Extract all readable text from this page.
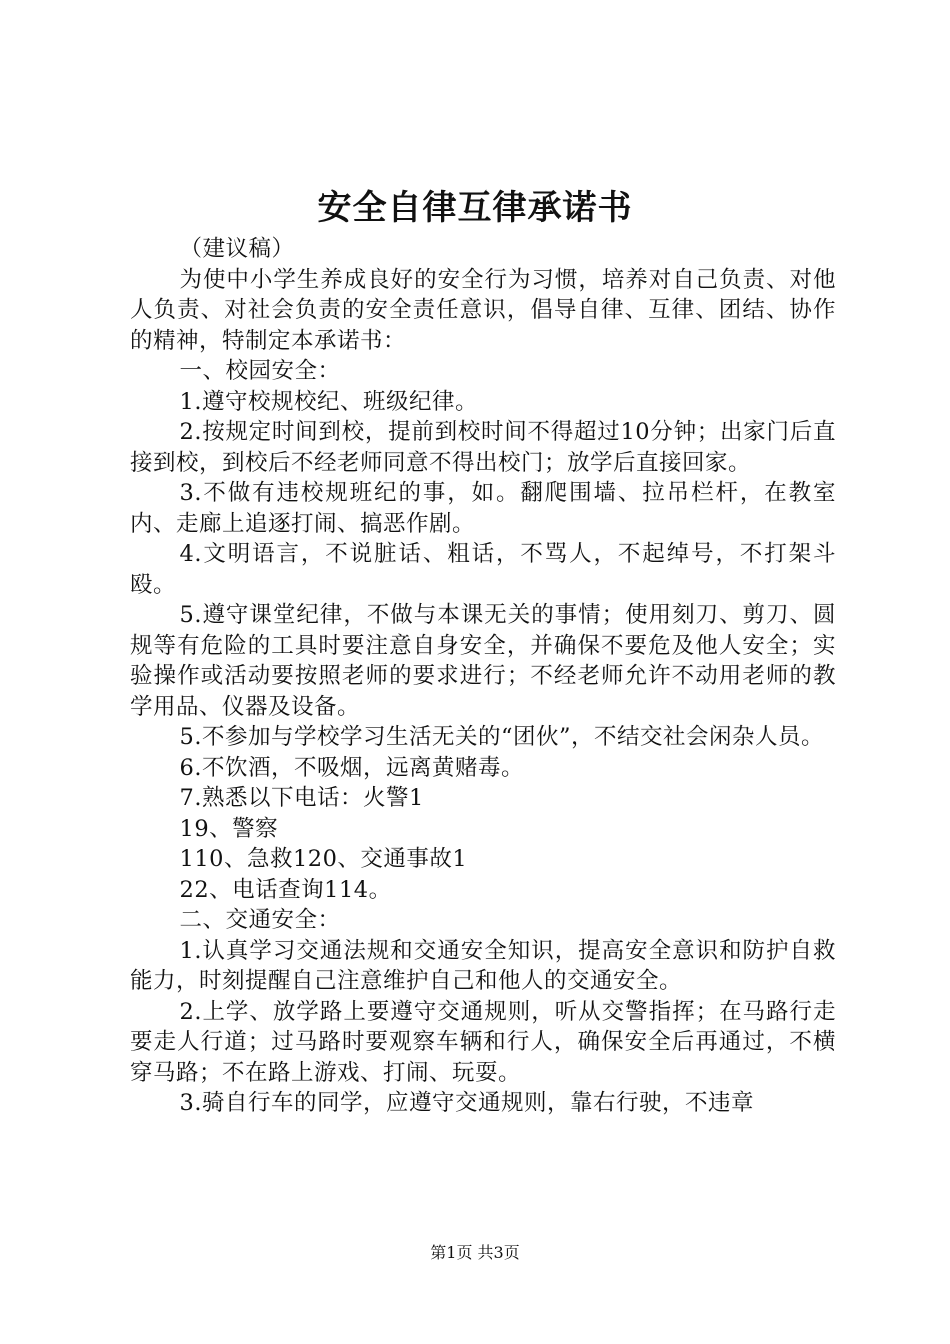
安全自律互律承诺书

（建议稿）

为使中小学生养成良好的安全行为习惯，培养对自己负责、对他人负责、对社会负责的安全责任意识，倡导自律、互律、团结、协作的精神，特制定本承诺书：

一、校园安全：

1.遵守校规校纪、班级纪律。

2.按规定时间到校，提前到校时间不得超过10分钟；出家门后直接到校，到校后不经老师同意不得出校门；放学后直接回家。

3.不做有违校规班纪的事，如。翻爬围墙、拉吊栏杆，在教室内、走廊上追逐打闹、搞恶作剧。

4.文明语言，不说脏话、粗话，不骂人，不起绰号，不打架斗殴。

5.遵守课堂纪律，不做与本课无关的事情；使用刻刀、剪刀、圆规等有危险的工具时要注意自身安全，并确保不要危及他人安全；实验操作或活动要按照老师的要求进行；不经老师允许不动用老师的教学用品、仪器及设备。

5.不参加与学校学习生活无关的“团伙”，不结交社会闲杂人员。

6.不饮酒，不吸烟，远离黄赌毒。

7.熟悉以下电话：火警1

19、警察

110、急救120、交通事故1

22、电话查询114。

二、交通安全：

1.认真学习交通法规和交通安全知识，提高安全意识和防护自救能力，时刻提醒自己注意维护自己和他人的交通安全。

2.上学、放学路上要遵守交通规则，听从交警指挥；在马路行走要走人行道；过马路时要观察车辆和行人，确保安全后再通过，不横穿马路；不在路上游戏、打闹、玩耍。

3.骑自行车的同学，应遵守交通规则，靠右行驶，不违章

第1页 共3页
